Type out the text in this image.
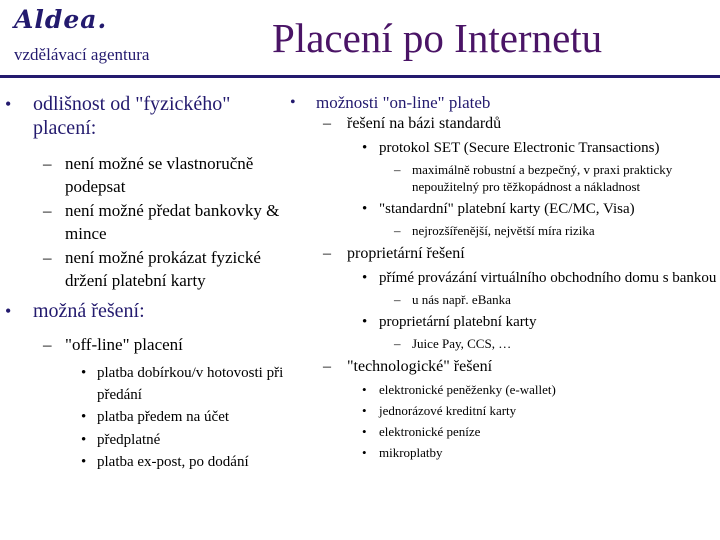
Aldea.
vzdělávací agentura	Placení po Internetu
• odlišnost od "fyzického" placení:
– není možné se vlastnoručně podepsat
– není možné předat bankovky & mince
– není možné prokázat fyzické držení platební karty
• možná řešení:
– "off-line" placení
• platba dobírkou/v hotovosti při předání
• platba předem na účet
• předplatné
• platba ex-post, po dodání
• možnosti "on-line" plateb
– řešení na bázi standardů
• protokol SET (Secure Electronic Transactions)
– maximálně robustní a bezpečný, v praxi prakticky nepoužitelný pro těžkopádnost a nákladnost
• "standardní" platební karty (EC/MC, Visa)
– nejrozšířenější, největší míra rizika
– proprietární řešení
• přímé provázání virtuálního obchodního domu s bankou
– u nás např. eBanka
• proprietární platební karty
– Juice Pay, CCS, …
– "technologické" řešení
• elektronické peněženky (e-wallet)
• jednorázové kreditní karty
• elektronické peníze
• mikroplatby
